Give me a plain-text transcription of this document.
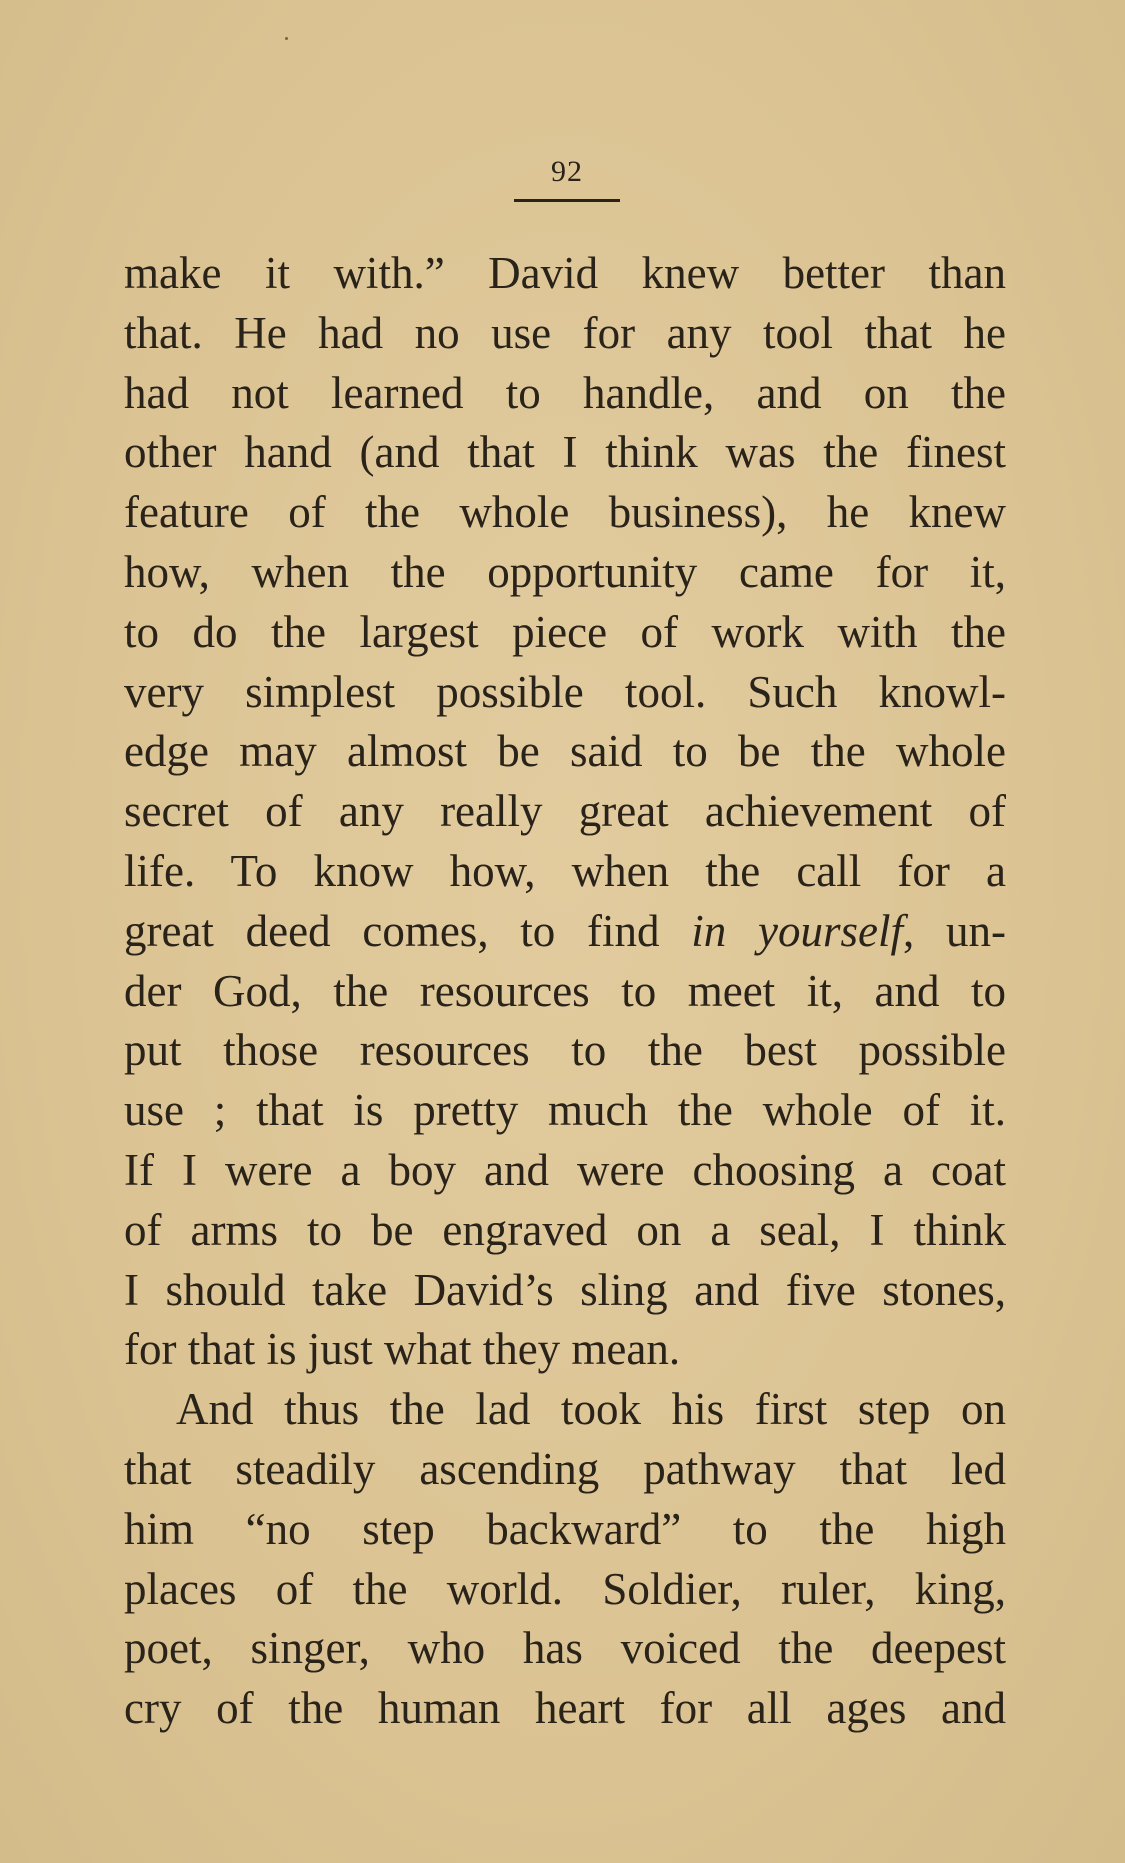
92
make it with.” David knew better than
that. He had no use for any tool that he
had not learned to handle, and on the
other hand (and that I think was the finest
feature of the whole business), he knew
how, when the opportunity came for it,
to do the largest piece of work with the
very simplest possible tool. Such knowl-
edge may almost be said to be the whole
secret of any really great achievement of
life. To know how, when the call for a
great deed comes, to find in yourself, un-
der God, the resources to meet it, and to
put those resources to the best possible
use ; that is pretty much the whole of it.
If I were a boy and were choosing a coat
of arms to be engraved on a seal, I think
I should take David’s sling and five stones,
for that is just what they mean.
And thus the lad took his first step on
that steadily ascending pathway that led
him “no step backward” to the high
places of the world. Soldier, ruler, king,
poet, singer, who has voiced the deepest
cry of the human heart for all ages and
